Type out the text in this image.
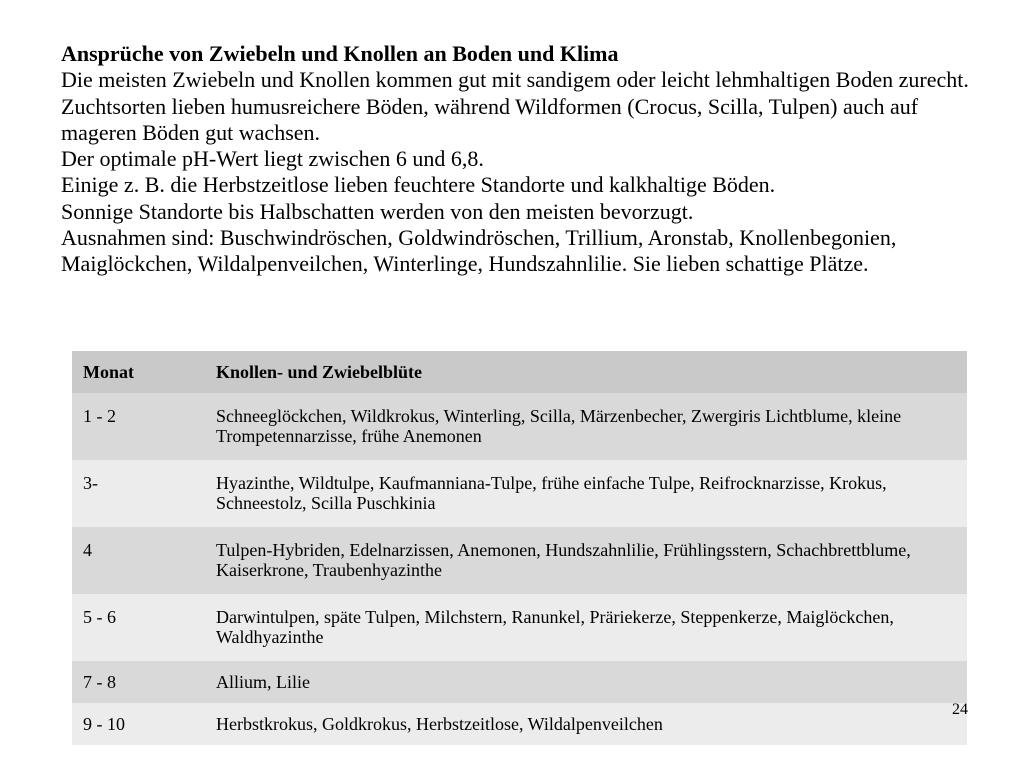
Ansprüche von Zwiebeln und Knollen an Boden und Klima

Die meisten Zwiebeln und Knollen kommen gut mit sandigem oder leicht lehmhaltigen Boden zurecht. Zuchtsorten lieben humusreichere Böden, während Wildformen (Crocus, Scilla, Tulpen) auch auf mageren Böden gut wachsen.

Der optimale pH-Wert liegt zwischen 6 und 6,8.

Einige z. B. die Herbstzeitlose lieben feuchtere Standorte und kalkhaltige Böden.

Sonnige Standorte bis Halbschatten werden von den meisten bevorzugt.

Ausnahmen sind: Buschwindröschen, Goldwindröschen, Trillium, Aronstab, Knollenbegonien, Maiglöckchen, Wildalpenveilchen, Winterlinge, Hundszahnlilie. Sie lieben schattige Plätze.

Monat	Knollen- und Zwiebelblüte
1 - 2	Schneeglöckchen, Wildkrokus, Winterling, Scilla, Märzenbecher, Zwergiris Lichtblume, kleine Trompetennarzisse, frühe Anemonen
3-	Hyazinthe, Wildtulpe, Kaufmanniana-Tulpe, frühe einfache Tulpe, Reifrocknarzisse, Krokus, Schneestolz, Scilla Puschkinia
4	Tulpen-Hybriden, Edelnarzissen, Anemonen, Hundszahnlilie, Frühlingsstern, Schachbrettblume, Kaiserkrone, Traubenhyazinthe
5 - 6	Darwintulpen, späte Tulpen, Milchstern, Ranunkel, Präriekerze, Steppenkerze, Maiglöckchen, Waldhyazinthe
7 - 8	Allium, Lilie
9 - 10	Herbstkrokus, Goldkrokus, Herbstzeitlose, Wildalpenveilchen
24
